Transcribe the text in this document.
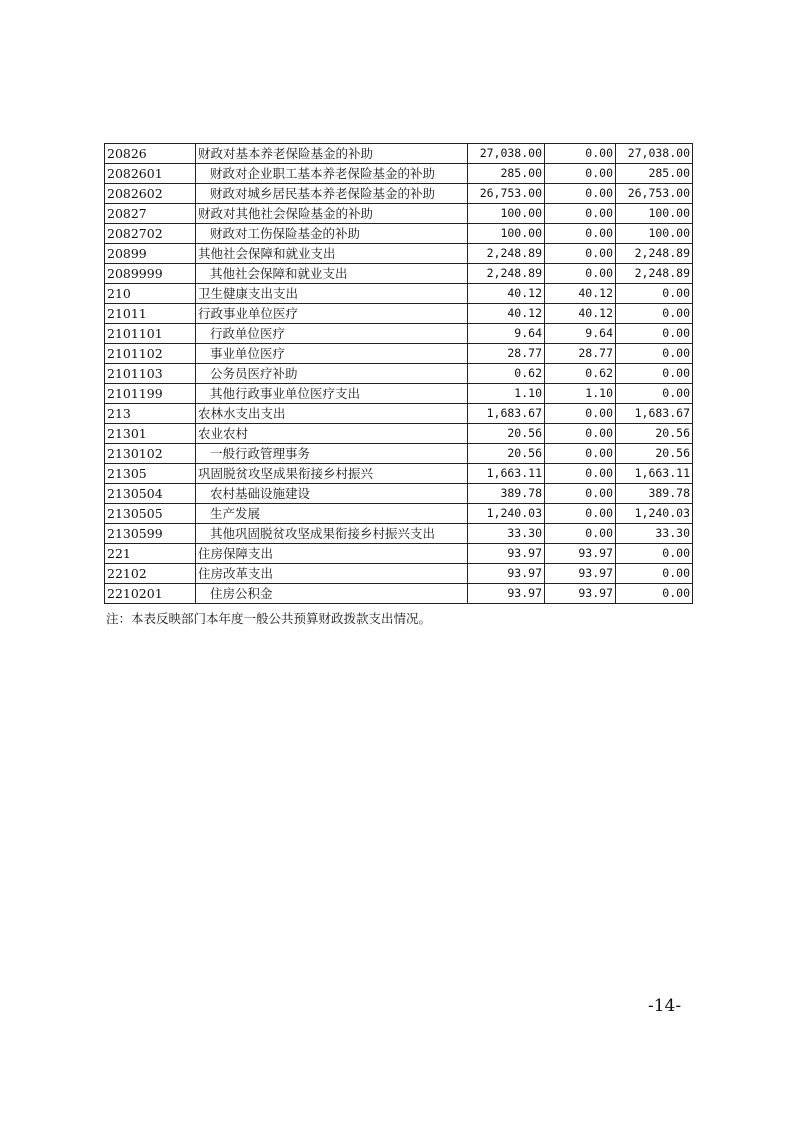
20826	财政对基本养老保险基金的补助	27,038.00	0.00	27,038.00
2082601	财政对企业职工基本养老保险基金的补助	285.00	0.00	285.00
2082602	财政对城乡居民基本养老保险基金的补助	26,753.00	0.00	26,753.00
20827	财政对其他社会保险基金的补助	100.00	0.00	100.00
2082702	财政对工伤保险基金的补助	100.00	0.00	100.00
20899	其他社会保障和就业支出	2,248.89	0.00	2,248.89
2089999	其他社会保障和就业支出	2,248.89	0.00	2,248.89
210	卫生健康支出支出	40.12	40.12	0.00
21011	行政事业单位医疗	40.12	40.12	0.00
2101101	行政单位医疗	9.64	9.64	0.00
2101102	事业单位医疗	28.77	28.77	0.00
2101103	公务员医疗补助	0.62	0.62	0.00
2101199	其他行政事业单位医疗支出	1.10	1.10	0.00
213	农林水支出支出	1,683.67	0.00	1,683.67
21301	农业农村	20.56	0.00	20.56
2130102	一般行政管理事务	20.56	0.00	20.56
21305	巩固脱贫攻坚成果衔接乡村振兴	1,663.11	0.00	1,663.11
2130504	农村基础设施建设	389.78	0.00	389.78
2130505	生产发展	1,240.03	0.00	1,240.03
2130599	其他巩固脱贫攻坚成果衔接乡村振兴支出	33.30	0.00	33.30
221	住房保障支出	93.97	93.97	0.00
22102	住房改革支出	93.97	93.97	0.00
2210201	住房公积金	93.97	93.97	0.00
注：本表反映部门本年度一般公共预算财政拨款支出情况。
-14-
